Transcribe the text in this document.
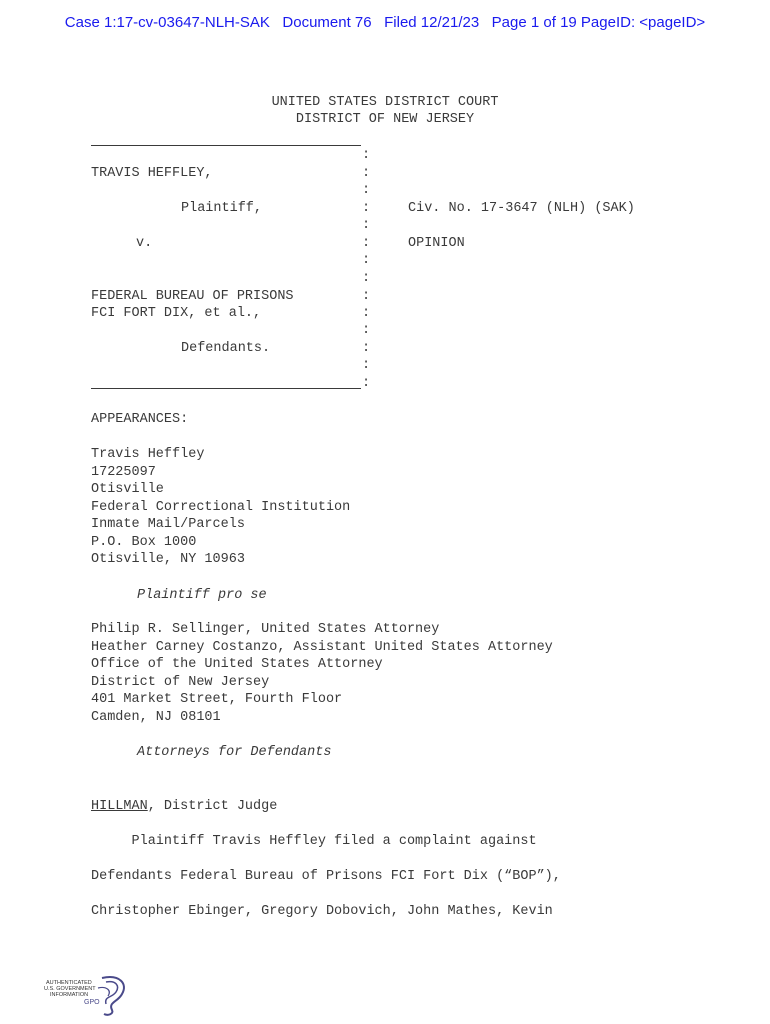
Case 1:17-cv-03647-NLH-SAK   Document 76   Filed 12/21/23   Page 1 of 19 PageID: <pageID>
UNITED STATES DISTRICT COURT
DISTRICT OF NEW JERSEY
:
:
:
:
:
:
:
:
:
:
:
:
:
:
TRAVIS HEFFLEY,
Plaintiff,
v.
FEDERAL BUREAU OF PRISONS
FCI FORT DIX, et al.,
Defendants.
Civ. No. 17-3647 (NLH) (SAK)
OPINION
APPEARANCES:
Travis Heffley
17225097
Otisville
Federal Correctional Institution
Inmate Mail/Parcels
P.O. Box 1000
Otisville, NY 10963
Plaintiff pro se
Philip R. Sellinger, United States Attorney
Heather Carney Costanzo, Assistant United States Attorney
Office of the United States Attorney
District of New Jersey
401 Market Street, Fourth Floor
Camden, NJ 08101
Attorneys for Defendants
HILLMAN, District Judge
Plaintiff Travis Heffley filed a complaint against
Defendants Federal Bureau of Prisons FCI Fort Dix (“BOP”),
Christopher Ebinger, Gregory Dobovich, John Mathes, Kevin
AUTHENTICATED
U.S. GOVERNMENT
INFORMATION
GPO
